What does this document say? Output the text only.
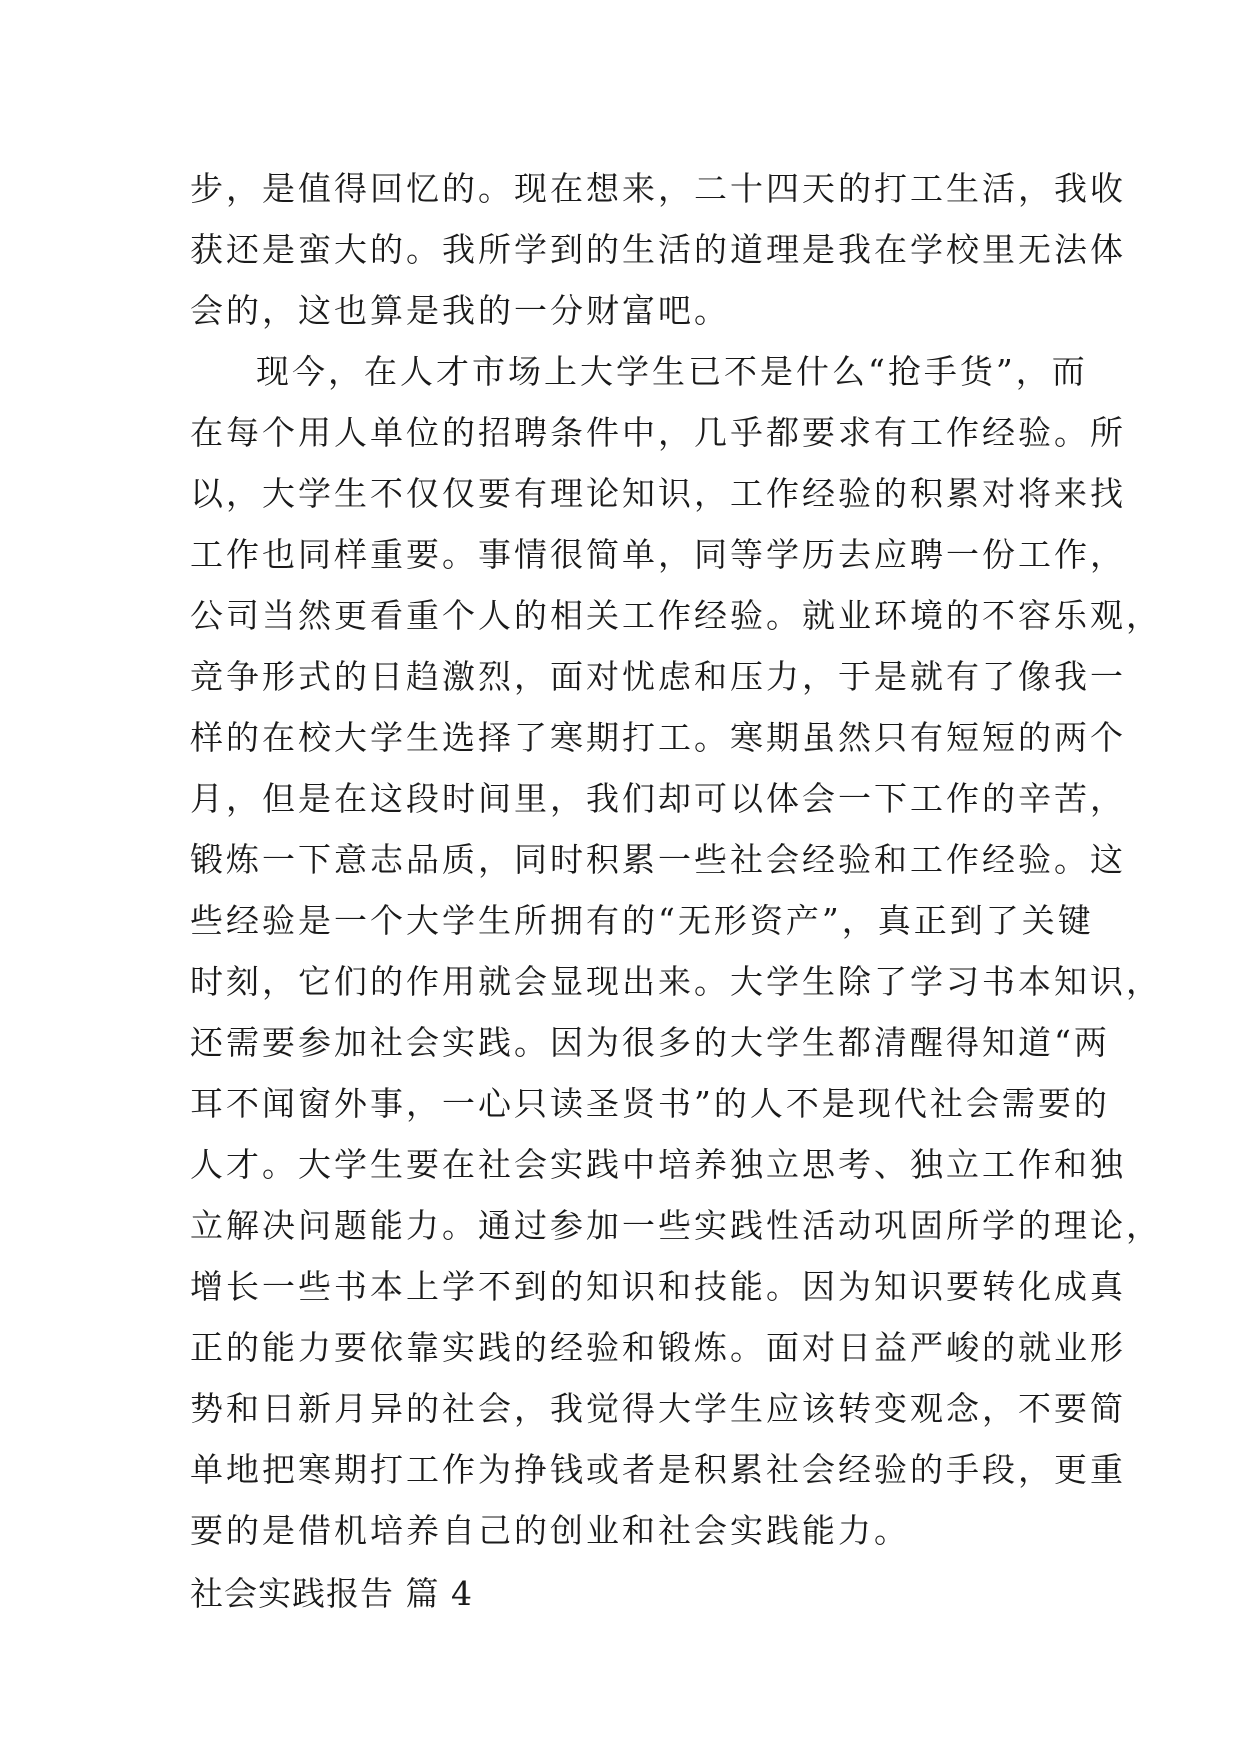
步，是值得回忆的。现在想来，二十四天的打工生活，我收
获还是蛮大的。我所学到的生活的道理是我在学校里无法体
会的，这也算是我的一分财富吧。
现今，在人才市场上大学生已不是什么“抢手货”，而
在每个用人单位的招聘条件中，几乎都要求有工作经验。所
以，大学生不仅仅要有理论知识，工作经验的积累对将来找
工作也同样重要。事情很简单，同等学历去应聘一份工作，
公司当然更看重个人的相关工作经验。就业环境的不容乐观，
竞争形式的日趋激烈，面对忧虑和压力，于是就有了像我一
样的在校大学生选择了寒期打工。寒期虽然只有短短的两个
月，但是在这段时间里，我们却可以体会一下工作的辛苦，
锻炼一下意志品质，同时积累一些社会经验和工作经验。这
些经验是一个大学生所拥有的“无形资产”，真正到了关键
时刻，它们的作用就会显现出来。大学生除了学习书本知识，
还需要参加社会实践。因为很多的大学生都清醒得知道“两
耳不闻窗外事，一心只读圣贤书”的人不是现代社会需要的
人才。大学生要在社会实践中培养独立思考、独立工作和独
立解决问题能力。通过参加一些实践性活动巩固所学的理论，
增长一些书本上学不到的知识和技能。因为知识要转化成真
正的能力要依靠实践的经验和锻炼。面对日益严峻的就业形
势和日新月异的社会，我觉得大学生应该转变观念，不要简
单地把寒期打工作为挣钱或者是积累社会经验的手段，更重
要的是借机培养自己的创业和社会实践能力。
社会实践报告 篇 4
